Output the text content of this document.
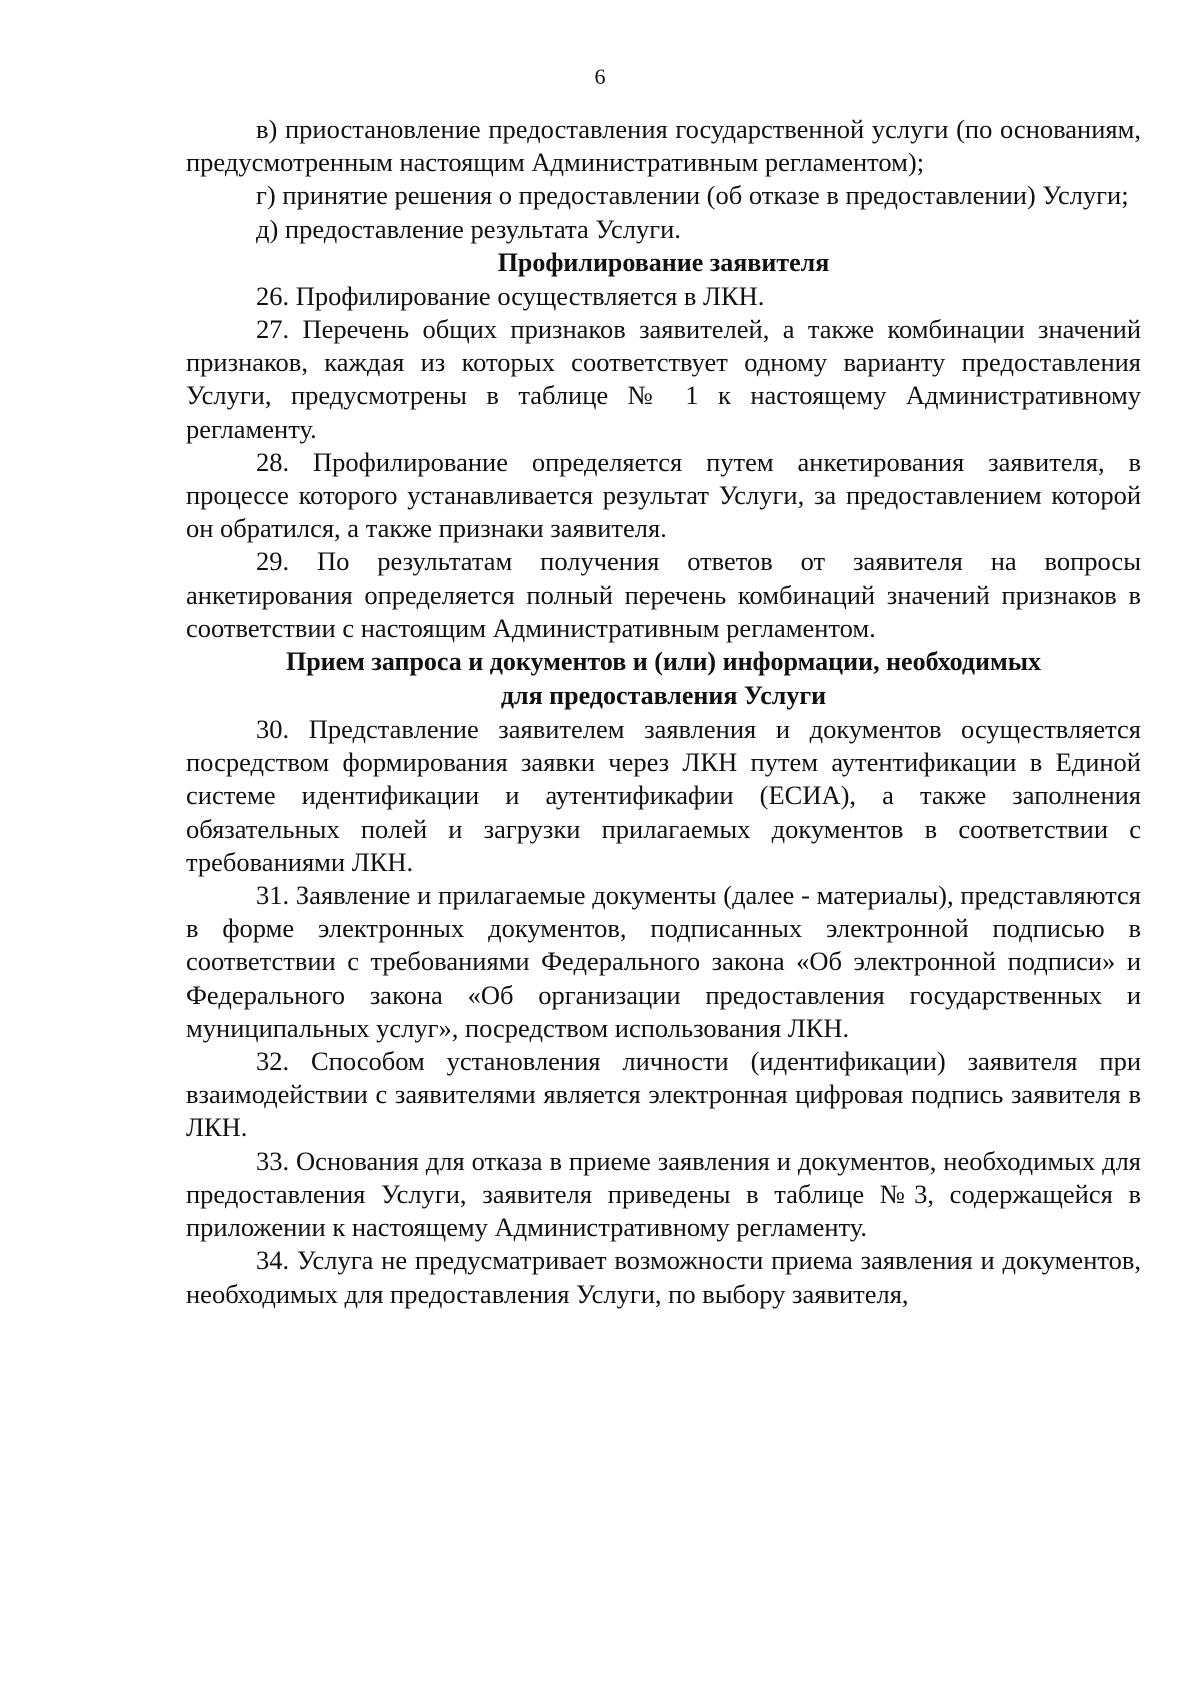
6

в) приостановление предоставления государственной услуги (по основаниям, предусмотренным настоящим Административным регламентом);

г) принятие решения о предоставлении (об отказе в предоставлении) Услуги;

д) предоставление результата Услуги.

Профилирование заявителя

26. Профилирование осуществляется в ЛКН.

27. Перечень общих признаков заявителей, а также комбинации значений признаков, каждая из которых соответствует одному варианту предоставления Услуги, предусмотрены в таблице № 1 к настоящему Административному регламенту.

28. Профилирование определяется путем анкетирования заявителя, в процессе которого устанавливается результат Услуги, за предоставлением которой он обратился, а также признаки заявителя.

29. По результатам получения ответов от заявителя на вопросы анкетирования определяется полный перечень комбинаций значений признаков в соответствии с настоящим Административным регламентом.

Прием запроса и документов и (или) информации, необходимых
для предоставления Услуги

30. Представление заявителем заявления и документов осуществляется посредством формирования заявки через ЛКН путем аутентификации в Единой системе идентификации и аутентификафии (ЕСИА), а также заполнения обязательных полей и загрузки прилагаемых документов в соответствии с требованиями ЛКН.

31. Заявление и прилагаемые документы (далее - материалы), представляются в форме электронных документов, подписанных электронной подписью в соответствии с требованиями Федерального закона «Об электронной подписи» и Федерального закона «Об организации предоставления государственных и муниципальных услуг», посредством использования ЛКН.

32. Способом установления личности (идентификации) заявителя при взаимодействии с заявителями является электронная цифровая подпись заявителя в ЛКН.

33. Основания для отказа в приеме заявления и документов, необходимых для предоставления Услуги, заявителя приведены в таблице №3, содержащейся в приложении к настоящему Административному регламенту.

34. Услуга не предусматривает возможности приема заявления и документов, необходимых для предоставления Услуги, по выбору заявителя,
